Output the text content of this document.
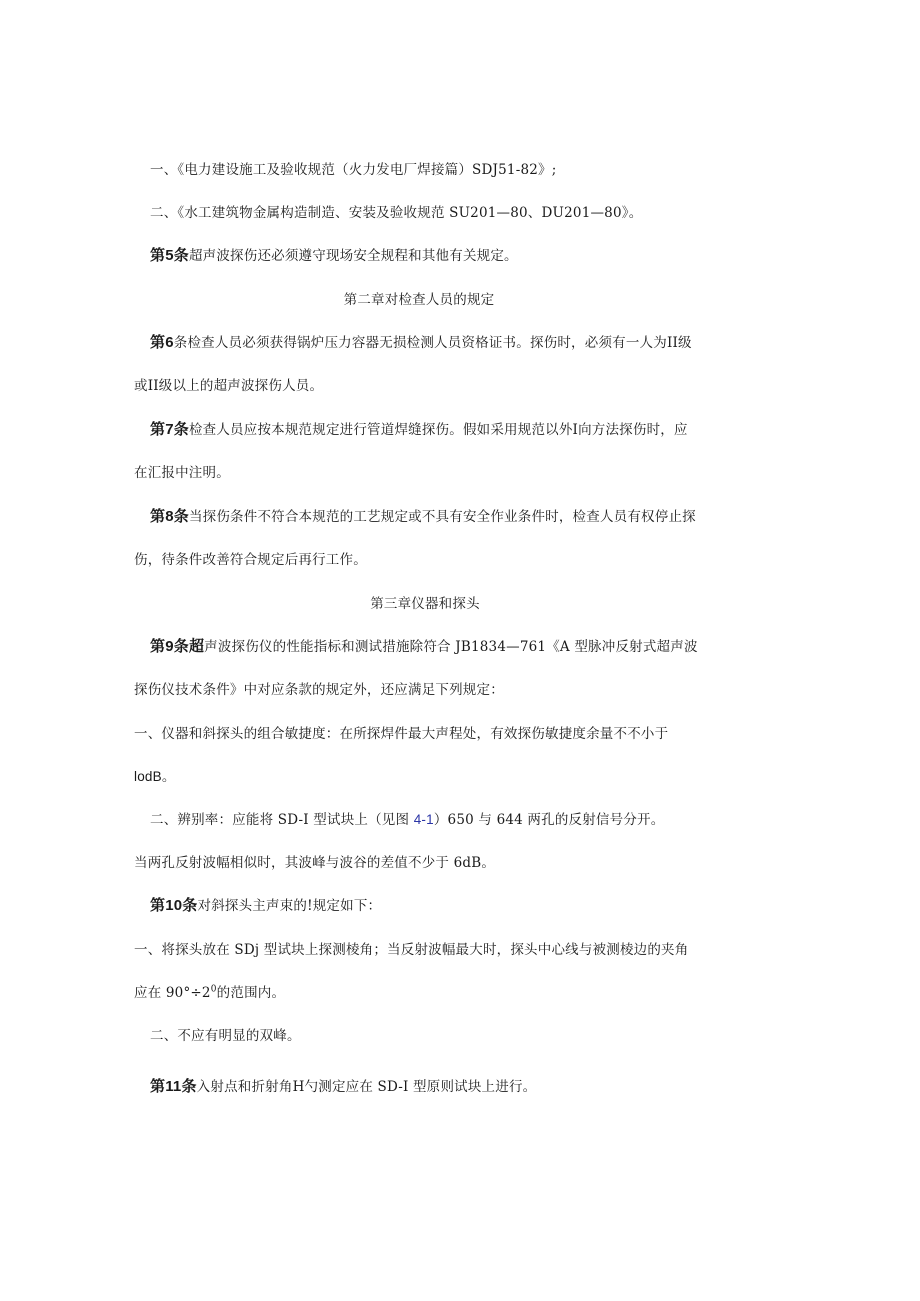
一、《电力建设施工及验收规范（火力发电厂焊接篇）SDJ51-82》;
二、《水工建筑物金属构造制造、安装及验收规范 SU201—80、DU201—80》。
第5条超声波探伤还必须遵守现场安全规程和其他有关规定。
第二章对检查人员的规定
第6条检查人员必须获得锅炉压力容器无损检测人员资格证书。探伤时，必须有一人为II级
或II级以上的超声波探伤人员。
第7条检查人员应按本规范规定进行管道焊缝探伤。假如采用规范以外I向方法探伤时，应
在汇报中注明。
第8条当探伤条件不符合本规范的工艺规定或不具有安全作业条件时，检查人员有权停止探
伤，待条件改善符合规定后再行工作。
第三章仪器和探头
第9条超声波探伤仪的性能指标和测试措施除符合 JB1834—761《A 型脉冲反射式超声波
探伤仪技术条件》中对应条款的规定外，还应满足下列规定：
一、仪器和斜探头的组合敏捷度：在所探焊件最大声程处，有效探伤敏捷度余量不不小于
lodB。
二、辨别率：应能将 SD-I 型试块上（见图 4-1）650 与 644 两孔的反射信号分开。
当两孔反射波幅相似时，其波峰与波谷的差值不少于 6dB。
第10条对斜探头主声束的!规定如下：
一、将探头放在 SDj 型试块上探测棱角；当反射波幅最大时，探头中心线与被测棱边的夹角
应在 $90^\circ\div 2^0$的范围内。
二、不应有明显的双峰。
第11条入射点和折射角H勺测定应在 SD-I 型原则试块上进行。
